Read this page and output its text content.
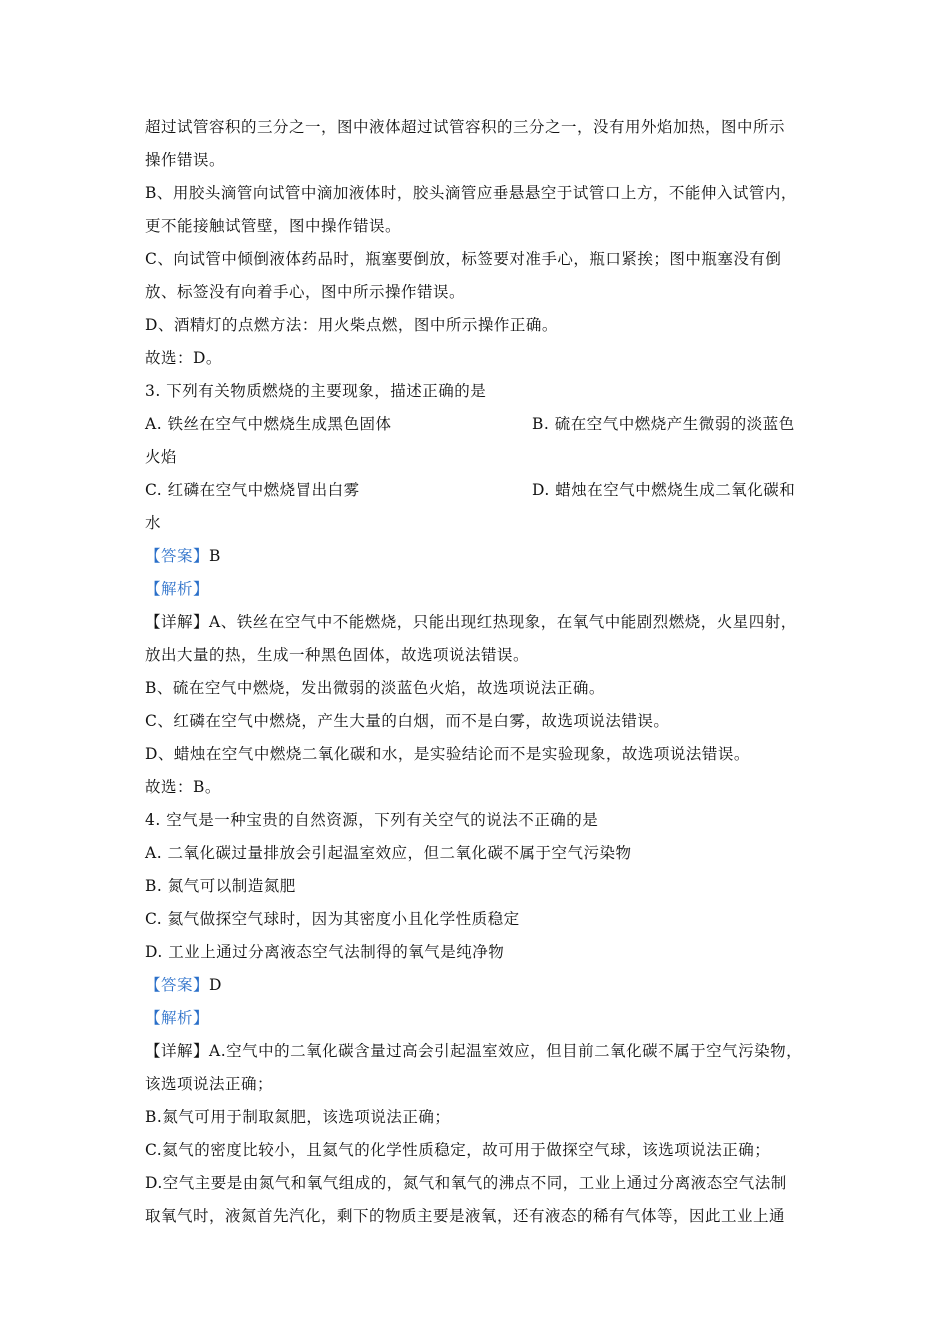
超过试管容积的三分之一，图中液体超过试管容积的三分之一，没有用外焰加热，图中所示
操作错误。
B、用胶头滴管向试管中滴加液体时，胶头滴管应垂悬悬空于试管口上方，不能伸入试管内，
更不能接触试管壁，图中操作错误。
C、向试管中倾倒液体药品时，瓶塞要倒放，标签要对准手心，瓶口紧挨；图中瓶塞没有倒
放、标签没有向着手心，图中所示操作错误。
D、酒精灯的点燃方法：用火柴点燃，图中所示操作正确。
故选：D。
3. 下列有关物质燃烧的主要现象，描述正确的是
A. 铁丝在空气中燃烧生成黑色固体	B. 硫在空气中燃烧产生微弱的淡蓝色
火焰
C. 红磷在空气中燃烧冒出白雾	D. 蜡烛在空气中燃烧生成二氧化碳和
水
【答案】B
【解析】
【详解】A、铁丝在空气中不能燃烧，只能出现红热现象，在氧气中能剧烈燃烧，火星四射，
放出大量的热，生成一种黑色固体，故选项说法错误。
B、硫在空气中燃烧，发出微弱的淡蓝色火焰，故选项说法正确。
C、红磷在空气中燃烧，产生大量的白烟，而不是白雾，故选项说法错误。
D、蜡烛在空气中燃烧二氧化碳和水，是实验结论而不是实验现象，故选项说法错误。
故选：B。
4. 空气是一种宝贵的自然资源，下列有关空气的说法不正确的是
A. 二氧化碳过量排放会引起温室效应，但二氧化碳不属于空气污染物
B. 氮气可以制造氮肥
C. 氦气做探空气球时，因为其密度小且化学性质稳定
D. 工业上通过分离液态空气法制得的氧气是纯净物
【答案】D
【解析】
【详解】A.空气中的二氧化碳含量过高会引起温室效应，但目前二氧化碳不属于空气污染物，
该选项说法正确；
B.氮气可用于制取氮肥，该选项说法正确；
C.氦气的密度比较小，且氦气的化学性质稳定，故可用于做探空气球，该选项说法正确；
D.空气主要是由氮气和氧气组成的，氮气和氧气的沸点不同，工业上通过分离液态空气法制
取氧气时，液氮首先汽化，剩下的物质主要是液氧，还有液态的稀有气体等，因此工业上通
